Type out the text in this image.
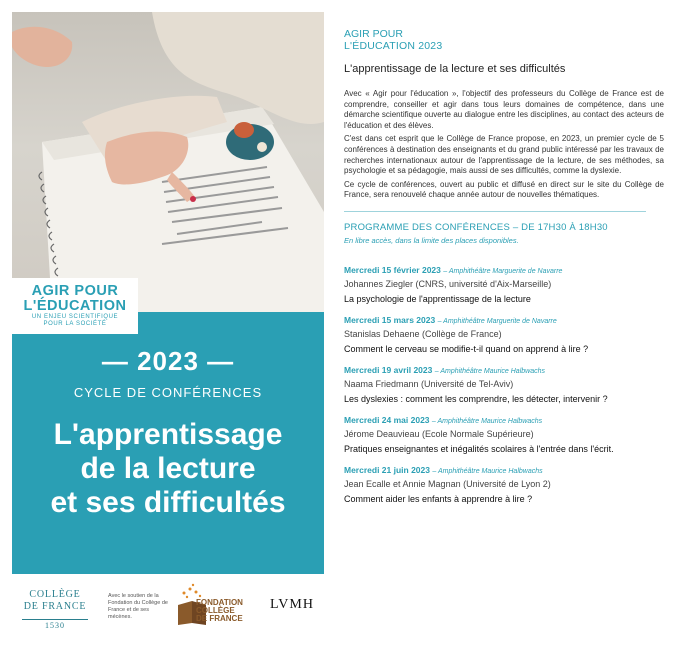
AGIR POUR
L'ÉDUCATION
UN ENJEU SCIENTIFIQUE
POUR LA SOCIÉTÉ
— 2023 —
CYCLE DE CONFÉRENCES
L'apprentissage
de la lecture
et ses difficultés
COLLÈGE
DE FRANCE
1530
Avec le soutien de la Fondation du Collège de France et de ses mécènes.
FONDATION
COLLÈGE
DE FRANCE
LVMH
AGIR POUR
L'ÉDUCATION 2023
L'apprentissage de la lecture et ses difficultés

Avec « Agir pour l'éducation », l'objectif des professeurs du Collège de France est de comprendre, conseiller et agir dans tous leurs domaines de compétence, dans une démarche scientifique ouverte au dialogue entre les disciplines, au contact des acteurs de l'éducation et des élèves.

C'est dans cet esprit que le Collège de France propose, en 2023, un premier cycle de 5 conférences à destination des enseignants et du grand public intéressé par les travaux de recherches internationaux autour de l'apprentissage de la lecture, de ses méthodes, sa psychologie et sa pédagogie, mais aussi de ses difficultés, comme la dyslexie.

Ce cycle de conférences, ouvert au public et diffusé en direct sur le site du Collège de France, sera renouvelé chaque année autour de nouvelles thématiques.

PROGRAMME DES CONFÉRENCES – DE 17H30 À 18H30
En libre accès, dans la limite des places disponibles.
Mercredi 15 février 2023 – Amphithéâtre Marguerite de Navarre
Johannes Ziegler (CNRS, université d'Aix-Marseille)
La psychologie de l'apprentissage de la lecture
Mercredi 15 mars 2023 – Amphithéâtre Marguerite de Navarre
Stanislas Dehaene (Collège de France)
Comment le cerveau se modifie-t-il quand on apprend à lire ?
Mercredi 19 avril 2023 – Amphithéâtre Maurice Halbwachs
Naama Friedmann (Université de Tel-Aviv)
Les dyslexies : comment les comprendre, les détecter, intervenir ?
Mercredi 24 mai 2023 – Amphithéâtre Maurice Halbwachs
Jérome Deauvieau (Ecole Normale Supérieure)
Pratiques enseignantes et inégalités scolaires à l'entrée dans l'écrit.
Mercredi 21 juin 2023 – Amphithéâtre Maurice Halbwachs
Jean Ecalle et Annie Magnan (Université de Lyon 2)
Comment aider les enfants à apprendre à lire ?
